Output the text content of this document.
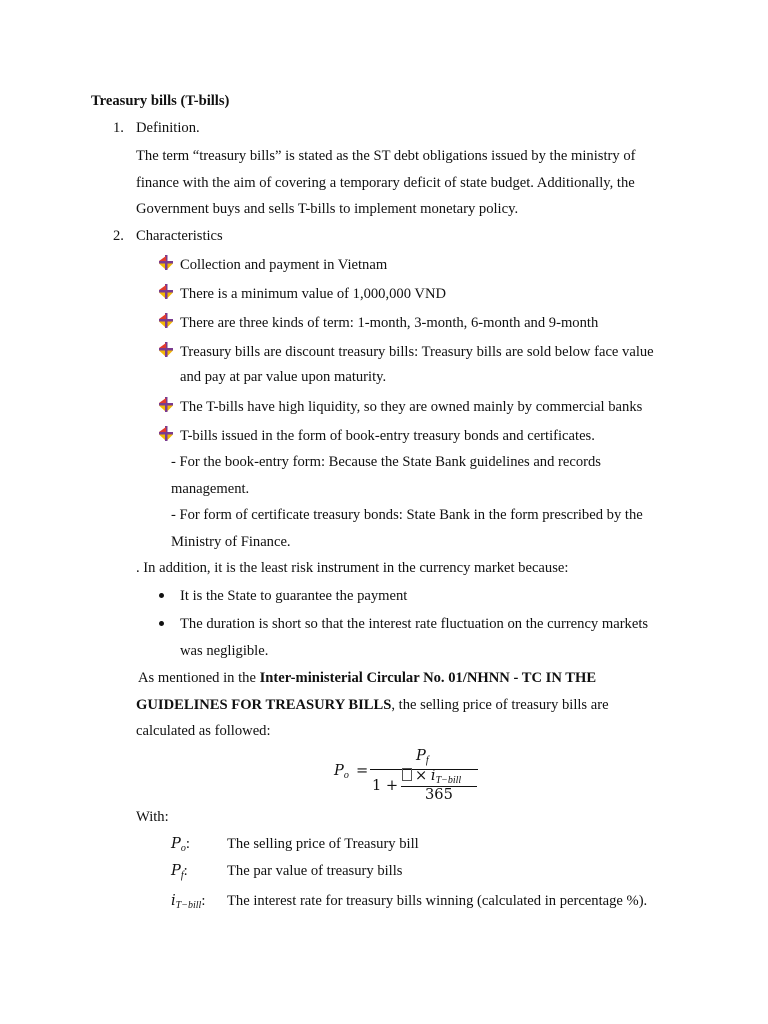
Treasury bills (T-bills)
1. Definition.
The term “treasury bills” is stated as the ST debt obligations issued by the ministry of
finance with the aim of covering a temporary deficit of state budget. Additionally, the
Government buys and sells T-bills to implement monetary policy.
2. Characteristics
Collection and payment in Vietnam
There is a minimum value of 1,000,000 VND
There are three kinds of term: 1-month, 3-month, 6-month and 9-month
Treasury bills are discount treasury bills: Treasury bills are sold below face value
and pay at par value upon maturity.
The T-bills have high liquidity, so they are owned mainly by commercial banks
T-bills issued in the form of book-entry treasury bonds and certificates.
- For the book-entry form: Because the State Bank guidelines and records
management.
- For form of certificate treasury bonds: State Bank in the form prescribed by the
Ministry of Finance.
. In addition, it is the least risk instrument in the currency market because:
It is the State to guarantee the payment
The duration is short so that the interest rate fluctuation on the currency markets
was negligible.
As mentioned in the Inter-ministerial Circular No. 01/NHNN - TC IN THE
GUIDELINES FOR TREASURY BILLS, the selling price of treasury bills are
calculated as followed:
$P_o$ =
$P_f$
1 +
× $i_{T-bill}$
365
With:
$P_o$:	The selling price of Treasury bill
$P_f$:	The par value of treasury bills
$i_{T-bill}$: The interest rate for treasury bills winning (calculated in percentage %).
